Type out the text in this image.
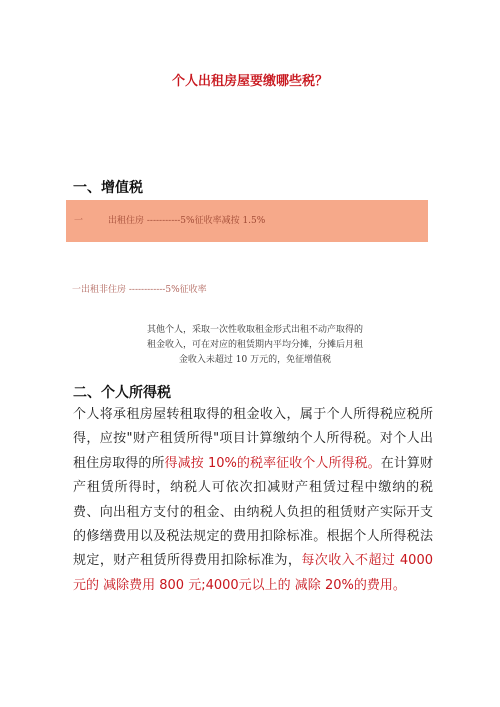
个人出租房屋要缴哪些税？
一、增值税
一	出租住房 -----------5%征收率减按 1.5%
一出租非住房 ------------5%征收率

其他个人，采取一次性收取租金形式出租不动产取得的

租金收入，可在对应的租赁期内平均分摊，分摊后月租

金收入未超过 10 万元的，免征增值税

二、个人所得税
个人将承租房屋转租取得的租金收入，属于个人所得税应税所得，应按"财产租赁所得"项目计算缴纳个人所得税。对个人出租住房取得的所得减按 10%的税率征收个人所得税。在计算财产租赁所得时，纳税人可依次扣减财产租赁过程中缴纳的税费、向出租方支付的租金、由纳税人负担的租赁财产实际开支的修缮费用以及税法规定的费用扣除标准。根据个人所得税法规定，财产租赁所得费用扣除标准为，每次收入不超过 4000 元的 减除费用 800 元;4000元以上的 减除 20%的费用。
